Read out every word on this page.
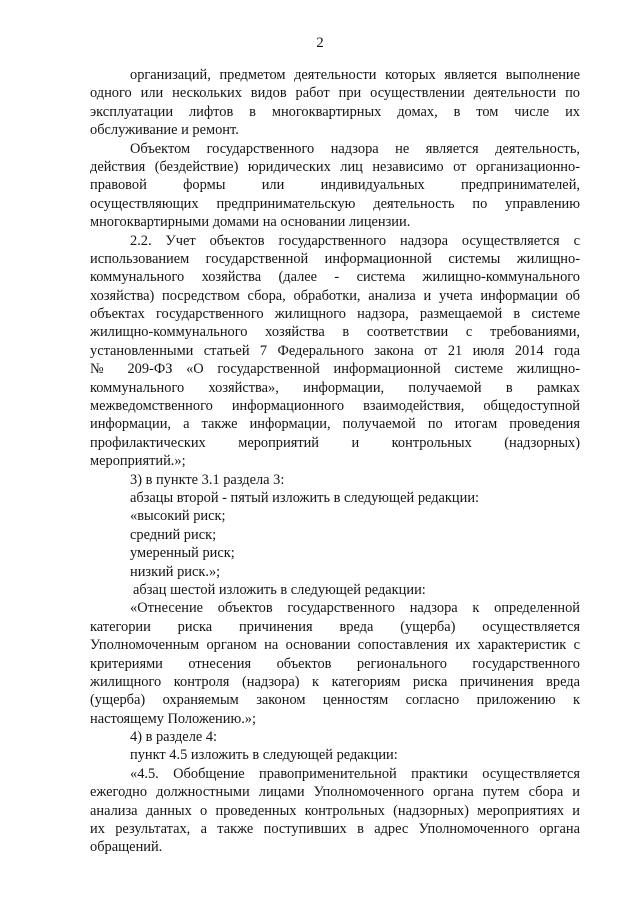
2
организаций, предметом деятельности которых является выполнение
одного или нескольких видов работ при осуществлении деятельности по
эксплуатации лифтов в многоквартирных домах, в том числе их
обслуживание и ремонт.
Объектом государственного надзора не является деятельность,
действия (бездействие) юридических лиц независимо от организационно-
правовой формы или индивидуальных предпринимателей,
осуществляющих предпринимательскую деятельность по управлению
многоквартирными домами на основании лицензии.
2.2. Учет объектов государственного надзора осуществляется с
использованием государственной информационной системы жилищно-
коммунального хозяйства (далее - система жилищно-коммунального
хозяйства) посредством сбора, обработки, анализа и учета информации об
объектах государственного жилищного надзора, размещаемой в системе
жилищно-коммунального хозяйства в соответствии с требованиями,
установленными статьей 7 Федерального закона от 21 июля 2014 года
№ 209-ФЗ «О государственной информационной системе жилищно-
коммунального хозяйства», информации, получаемой в рамках
межведомственного информационного взаимодействия, общедоступной
информации, а также информации, получаемой по итогам проведения
профилактических мероприятий и контрольных (надзорных)
мероприятий.»;
3) в пункте 3.1 раздела 3:
абзацы второй - пятый изложить в следующей редакции:
«высокий риск;
средний риск;
умеренный риск;
низкий риск.»;
абзац шестой изложить в следующей редакции:
«Отнесение объектов государственного надзора к определенной
категории риска причинения вреда (ущерба) осуществляется
Уполномоченным органом на основании сопоставления их характеристик с
критериями отнесения объектов регионального государственного
жилищного контроля (надзора) к категориям риска причинения вреда
(ущерба) охраняемым законом ценностям согласно приложению к
настоящему Положению.»;
4) в разделе 4:
пункт 4.5 изложить в следующей редакции:
«4.5. Обобщение правоприменительной практики осуществляется
ежегодно должностными лицами Уполномоченного органа путем сбора и
анализа данных о проведенных контрольных (надзорных) мероприятиях и
их результатах, а также поступивших в адрес Уполномоченного органа
обращений.
